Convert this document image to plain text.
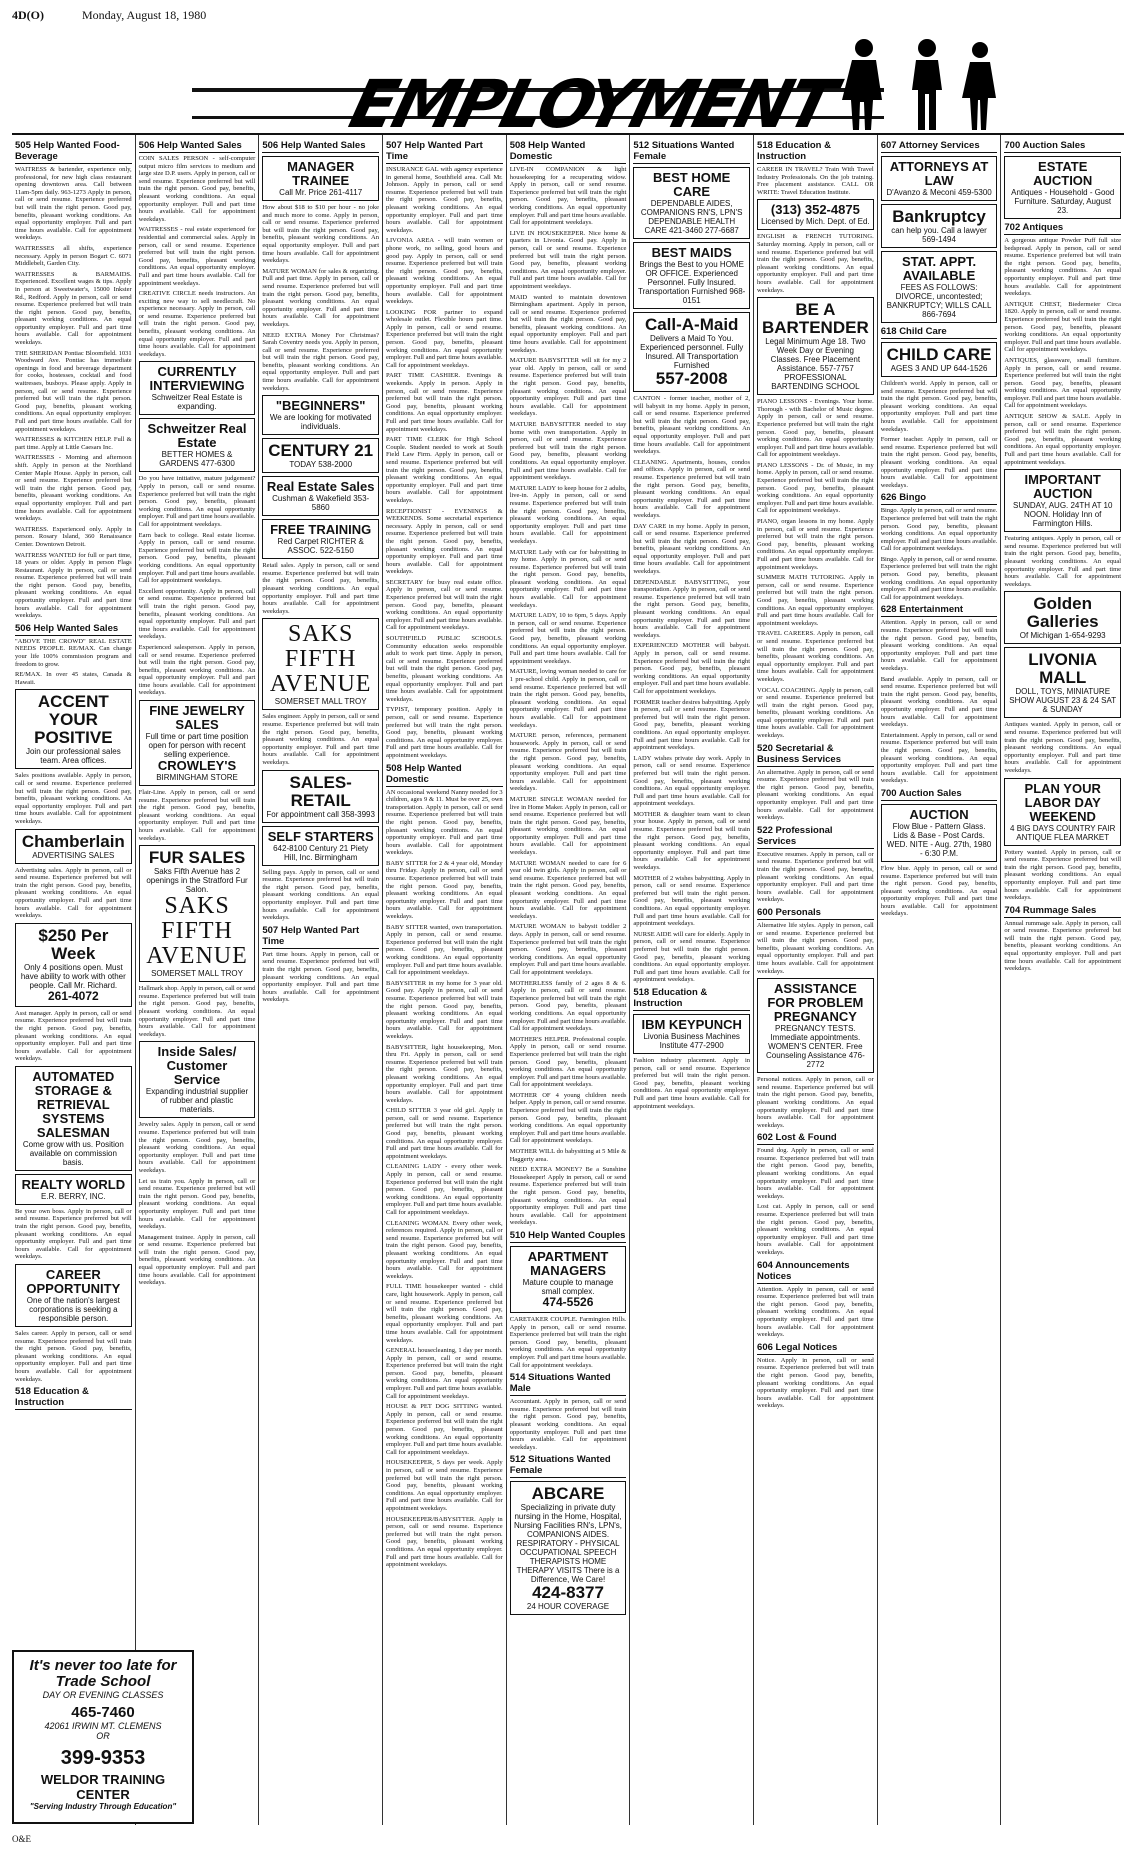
4D(O)	Monday, August 18, 1980
EMPLOYMENT
505 Help Wanted Food-Beverage
WAITRESS & bartender, experience only, professional, for new high class restaurant opening downtown area. Call between 11am-5pm daily. 963-1273 Apply in person, call or send resume. Experience preferred but will train the right person. Good pay, benefits, pleasant working conditions. An equal opportunity employer. Full and part time hours available. Call for appointment weekdays.
WAITRESSES all shifts, experience necessary. Apply in person Bogart C. 6071 Middlebelt, Garden City.
WAITRESSES & BARMAIDS. Experienced. Excellent wages & tips. Apply in person at Sweetwater's, 15000 Inkster Rd., Redford. Apply in person, call or send resume. Experience preferred but will train the right person. Good pay, benefits, pleasant working conditions. An equal opportunity employer. Full and part time hours available. Call for appointment weekdays.
THE SHERIDAN Pontiac Bloomfield. 1031 Woodward Ave. Pontiac has immediate openings in food and beverage department for cooks, hostesses, cocktail and food waitresses, busboys. Please apply. Apply in person, call or send resume. Experience preferred but will train the right person. Good pay, benefits, pleasant working conditions. An equal opportunity employer. Full and part time hours available. Call for appointment weekdays.
WAITRESSES & KITCHEN HELP. Full & part time. Apply at Little Caesars Inc.
WAITRESSES - Morning and afternoon shift. Apply in person at the Northland Center Maple House. Apply in person, call or send resume. Experience preferred but will train the right person. Good pay, benefits, pleasant working conditions. An equal opportunity employer. Full and part time hours available. Call for appointment weekdays.
WAITRESS. Experienced only. Apply in person. Rosary Island, 360 Renaissance Center. Downtown Detroit.
WAITRESS WANTED for full or part time, 18 years or older. Apply in person Flags Restaurant. Apply in person, call or send resume. Experience preferred but will train the right person. Good pay, benefits, pleasant working conditions. An equal opportunity employer. Full and part time hours available. Call for appointment weekdays.
506 Help Wanted Sales
"ABOVE THE CROWD" REAL ESTATE NEEDS PEOPLE. RE/MAX. Can change your life 100% commission program and freedom to grow.
RE/MAX. In over 45 states, Canada & Hawaii.
ACCENT YOUR POSITIVE
Join our professional sales team. Area offices.
Sales positions available. Apply in person, call or send resume. Experience preferred but will train the right person. Good pay, benefits, pleasant working conditions. An equal opportunity employer. Full and part time hours available. Call for appointment weekdays.
Chamberlain
ADVERTISING SALES
Advertising sales. Apply in person, call or send resume. Experience preferred but will train the right person. Good pay, benefits, pleasant working conditions. An equal opportunity employer. Full and part time hours available. Call for appointment weekdays.
$250 Per Week
Only 4 positions open. Must have ability to work with other people. Call Mr. Richard.
261-4072
Asst manager. Apply in person, call or send resume. Experience preferred but will train the right person. Good pay, benefits, pleasant working conditions. An equal opportunity employer. Full and part time hours available. Call for appointment weekdays.
AUTOMATED STORAGE & RETRIEVAL SYSTEMS SALESMAN
Come grow with us. Position available on commission basis.
REALTY WORLD
E.R. BERRY, INC.
Be your own boss. Apply in person, call or send resume. Experience preferred but will train the right person. Good pay, benefits, pleasant working conditions. An equal opportunity employer. Full and part time hours available. Call for appointment weekdays.
CAREER OPPORTUNITY
One of the nation's largest corporations is seeking a responsible person.
Sales career. Apply in person, call or send resume. Experience preferred but will train the right person. Good pay, benefits, pleasant working conditions. An equal opportunity employer. Full and part time hours available. Call for appointment weekdays.
518 Education & Instruction
506 Help Wanted Sales
COIN SALES PERSON - self-computer output micro film services to medium and large size D.P. users. Apply in person, call or send resume. Experience preferred but will train the right person. Good pay, benefits, pleasant working conditions. An equal opportunity employer. Full and part time hours available. Call for appointment weekdays.
WAITRESSES - real estate experienced for residential and commercial sales. Apply in person, call or send resume. Experience preferred but will train the right person. Good pay, benefits, pleasant working conditions. An equal opportunity employer. Full and part time hours available. Call for appointment weekdays.
CREATIVE CIRCLE needs instructors. An exciting new way to sell needlecraft. No experience necessary. Apply in person, call or send resume. Experience preferred but will train the right person. Good pay, benefits, pleasant working conditions. An equal opportunity employer. Full and part time hours available. Call for appointment weekdays.
CURRENTLY INTERVIEWING
Schweitzer Real Estate is expanding.
Schweitzer Real Estate
BETTER HOMES & GARDENS 477-6300
Do you have initiative, mature judgement? Apply in person, call or send resume. Experience preferred but will train the right person. Good pay, benefits, pleasant working conditions. An equal opportunity employer. Full and part time hours available. Call for appointment weekdays.
Earn back to college. Real estate license. Apply in person, call or send resume. Experience preferred but will train the right person. Good pay, benefits, pleasant working conditions. An equal opportunity employer. Full and part time hours available. Call for appointment weekdays.
Excellent opportunity. Apply in person, call or send resume. Experience preferred but will train the right person. Good pay, benefits, pleasant working conditions. An equal opportunity employer. Full and part time hours available. Call for appointment weekdays.
Experienced salesperson. Apply in person, call or send resume. Experience preferred but will train the right person. Good pay, benefits, pleasant working conditions. An equal opportunity employer. Full and part time hours available. Call for appointment weekdays.
FINE JEWELRY SALES
Full time or part time position open for person with recent selling experience.
CROWLEY'S
BIRMINGHAM STORE
Flair-Line. Apply in person, call or send resume. Experience preferred but will train the right person. Good pay, benefits, pleasant working conditions. An equal opportunity employer. Full and part time hours available. Call for appointment weekdays.
FUR SALES
Saks Fifth Avenue has 2 openings in the Stratford Fur Salon.
SAKS FIFTH AVENUE
SOMERSET MALL TROY
Hallmark shop. Apply in person, call or send resume. Experience preferred but will train the right person. Good pay, benefits, pleasant working conditions. An equal opportunity employer. Full and part time hours available. Call for appointment weekdays.
Inside Sales/ Customer Service
Expanding industrial supplier of rubber and plastic materials.
Jewelry sales. Apply in person, call or send resume. Experience preferred but will train the right person. Good pay, benefits, pleasant working conditions. An equal opportunity employer. Full and part time hours available. Call for appointment weekdays.
Let us train you. Apply in person, call or send resume. Experience preferred but will train the right person. Good pay, benefits, pleasant working conditions. An equal opportunity employer. Full and part time hours available. Call for appointment weekdays.
Management trainee. Apply in person, call or send resume. Experience preferred but will train the right person. Good pay, benefits, pleasant working conditions. An equal opportunity employer. Full and part time hours available. Call for appointment weekdays.
506 Help Wanted Sales
MANAGER TRAINEE
Call Mr. Price 261-4117
How about $18 to $10 per hour - no joke and much more to come. Apply in person, call or send resume. Experience preferred but will train the right person. Good pay, benefits, pleasant working conditions. An equal opportunity employer. Full and part time hours available. Call for appointment weekdays.
MATURE WOMAN for sales & organizing. Full and part time. Apply in person, call or send resume. Experience preferred but will train the right person. Good pay, benefits, pleasant working conditions. An equal opportunity employer. Full and part time hours available. Call for appointment weekdays.
NEED EXTRA Money For Christmas? Sarah Coventry needs you. Apply in person, call or send resume. Experience preferred but will train the right person. Good pay, benefits, pleasant working conditions. An equal opportunity employer. Full and part time hours available. Call for appointment weekdays.
"BEGINNERS"
We are looking for motivated individuals.
CENTURY 21
TODAY 538-2000
Real Estate Sales
Cushman & Wakefield 353-5860
FREE TRAINING
Red Carpet RICHTER & ASSOC. 522-5150
Retail sales. Apply in person, call or send resume. Experience preferred but will train the right person. Good pay, benefits, pleasant working conditions. An equal opportunity employer. Full and part time hours available. Call for appointment weekdays.
SAKS FIFTH AVENUE
SOMERSET MALL TROY
Sales engineer. Apply in person, call or send resume. Experience preferred but will train the right person. Good pay, benefits, pleasant working conditions. An equal opportunity employer. Full and part time hours available. Call for appointment weekdays.
SALES-RETAIL
For appointment call 358-3993
SELF STARTERS
642-8100 Century 21 Piety Hill, Inc. Birmingham
Selling pays. Apply in person, call or send resume. Experience preferred but will train the right person. Good pay, benefits, pleasant working conditions. An equal opportunity employer. Full and part time hours available. Call for appointment weekdays.
507 Help Wanted Part Time
Part time hours. Apply in person, call or send resume. Experience preferred but will train the right person. Good pay, benefits, pleasant working conditions. An equal opportunity employer. Full and part time hours available. Call for appointment weekdays.
507 Help Wanted Part Time
INSURANCE GAL with agency experience in general home, Southfield area. Call Mr. Johnson. Apply in person, call or send resume. Experience preferred but will train the right person. Good pay, benefits, pleasant working conditions. An equal opportunity employer. Full and part time hours available. Call for appointment weekdays.
LIVONIA AREA - will train women or phone work, no selling, good hours and good pay. Apply in person, call or send resume. Experience preferred but will train the right person. Good pay, benefits, pleasant working conditions. An equal opportunity employer. Full and part time hours available. Call for appointment weekdays.
LOOKING FOR partner to expand wholesale outlet. Flexible hours part time. Apply in person, call or send resume. Experience preferred but will train the right person. Good pay, benefits, pleasant working conditions. An equal opportunity employer. Full and part time hours available. Call for appointment weekdays.
PART TIME CASHIER. Evenings & weekends. Apply in person. Apply in person, call or send resume. Experience preferred but will train the right person. Good pay, benefits, pleasant working conditions. An equal opportunity employer. Full and part time hours available. Call for appointment weekdays.
PART TIME CLERK for High School Couple. Student needed to work at South Field Law Firm. Apply in person, call or send resume. Experience preferred but will train the right person. Good pay, benefits, pleasant working conditions. An equal opportunity employer. Full and part time hours available. Call for appointment weekdays.
RECEPTIONIST - EVENINGS & WEEKENDS. Some secretarial experience necessary. Apply in person, call or send resume. Experience preferred but will train the right person. Good pay, benefits, pleasant working conditions. An equal opportunity employer. Full and part time hours available. Call for appointment weekdays.
SECRETARY for busy real estate office. Apply in person, call or send resume. Experience preferred but will train the right person. Good pay, benefits, pleasant working conditions. An equal opportunity employer. Full and part time hours available. Call for appointment weekdays.
SOUTHFIELD PUBLIC SCHOOLS. Community education seeks responsible adult to work part time. Apply in person, call or send resume. Experience preferred but will train the right person. Good pay, benefits, pleasant working conditions. An equal opportunity employer. Full and part time hours available. Call for appointment weekdays.
TYPIST, temporary position. Apply in person, call or send resume. Experience preferred but will train the right person. Good pay, benefits, pleasant working conditions. An equal opportunity employer. Full and part time hours available. Call for appointment weekdays.
508 Help Wanted Domestic
AN occasional weekend Nanny needed for 3 children, ages 9 & 11. Must be over 25, own transportation. Apply in person, call or send resume. Experience preferred but will train the right person. Good pay, benefits, pleasant working conditions. An equal opportunity employer. Full and part time hours available. Call for appointment weekdays.
BABY SITTER for 2 & 4 year old, Monday thru Friday. Apply in person, call or send resume. Experience preferred but will train the right person. Good pay, benefits, pleasant working conditions. An equal opportunity employer. Full and part time hours available. Call for appointment weekdays.
BABY SITTER wanted, own transportation. Apply in person, call or send resume. Experience preferred but will train the right person. Good pay, benefits, pleasant working conditions. An equal opportunity employer. Full and part time hours available. Call for appointment weekdays.
BABYSITTER in my home for 3 year old. Good pay. Apply in person, call or send resume. Experience preferred but will train the right person. Good pay, benefits, pleasant working conditions. An equal opportunity employer. Full and part time hours available. Call for appointment weekdays.
BABYSITTER, light housekeeping, Mon. thru Fri. Apply in person, call or send resume. Experience preferred but will train the right person. Good pay, benefits, pleasant working conditions. An equal opportunity employer. Full and part time hours available. Call for appointment weekdays.
CHILD SITTER 3 year old girl. Apply in person, call or send resume. Experience preferred but will train the right person. Good pay, benefits, pleasant working conditions. An equal opportunity employer. Full and part time hours available. Call for appointment weekdays.
CLEANING LADY - every other week. Apply in person, call or send resume. Experience preferred but will train the right person. Good pay, benefits, pleasant working conditions. An equal opportunity employer. Full and part time hours available. Call for appointment weekdays.
CLEANING WOMAN. Every other week, references required. Apply in person, call or send resume. Experience preferred but will train the right person. Good pay, benefits, pleasant working conditions. An equal opportunity employer. Full and part time hours available. Call for appointment weekdays.
FULL TIME housekeeper wanted - child care, light housework. Apply in person, call or send resume. Experience preferred but will train the right person. Good pay, benefits, pleasant working conditions. An equal opportunity employer. Full and part time hours available. Call for appointment weekdays.
GENERAL housecleaning, 1 day per month. Apply in person, call or send resume. Experience preferred but will train the right person. Good pay, benefits, pleasant working conditions. An equal opportunity employer. Full and part time hours available. Call for appointment weekdays.
HOUSE & PET DOG SITTING wanted. Apply in person, call or send resume. Experience preferred but will train the right person. Good pay, benefits, pleasant working conditions. An equal opportunity employer. Full and part time hours available. Call for appointment weekdays.
HOUSEKEEPER, 5 days per week. Apply in person, call or send resume. Experience preferred but will train the right person. Good pay, benefits, pleasant working conditions. An equal opportunity employer. Full and part time hours available. Call for appointment weekdays.
HOUSEKEEPER/BABYSITTER. Apply in person, call or send resume. Experience preferred but will train the right person. Good pay, benefits, pleasant working conditions. An equal opportunity employer. Full and part time hours available. Call for appointment weekdays.
508 Help Wanted Domestic
LIVE-IN COMPANION & light housekeeping for a recuperating widow. Apply in person, call or send resume. Experience preferred but will train the right person. Good pay, benefits, pleasant working conditions. An equal opportunity employer. Full and part time hours available. Call for appointment weekdays.
LIVE IN HOUSEKEEPER. Nice home & quarters in Livonia. Good pay. Apply in person, call or send resume. Experience preferred but will train the right person. Good pay, benefits, pleasant working conditions. An equal opportunity employer. Full and part time hours available. Call for appointment weekdays.
MAID wanted to maintain downtown Birmingham apartment. Apply in person, call or send resume. Experience preferred but will train the right person. Good pay, benefits, pleasant working conditions. An equal opportunity employer. Full and part time hours available. Call for appointment weekdays.
MATURE BABYSITTER will sit for my 2 year old. Apply in person, call or send resume. Experience preferred but will train the right person. Good pay, benefits, pleasant working conditions. An equal opportunity employer. Full and part time hours available. Call for appointment weekdays.
MATURE BABYSITTER needed to stay home with own transportation. Apply in person, call or send resume. Experience preferred but will train the right person. Good pay, benefits, pleasant working conditions. An equal opportunity employer. Full and part time hours available. Call for appointment weekdays.
MATURE LADY to keep house for 2 adults, live-in. Apply in person, call or send resume. Experience preferred but will train the right person. Good pay, benefits, pleasant working conditions. An equal opportunity employer. Full and part time hours available. Call for appointment weekdays.
MATURE Lady with car for babysitting in my home. Apply in person, call or send resume. Experience preferred but will train the right person. Good pay, benefits, pleasant working conditions. An equal opportunity employer. Full and part time hours available. Call for appointment weekdays.
MATURE LADY, 10 to 6pm, 5 days. Apply in person, call or send resume. Experience preferred but will train the right person. Good pay, benefits, pleasant working conditions. An equal opportunity employer. Full and part time hours available. Call for appointment weekdays.
MATURE, loving woman needed to care for 1 pre-school child. Apply in person, call or send resume. Experience preferred but will train the right person. Good pay, benefits, pleasant working conditions. An equal opportunity employer. Full and part time hours available. Call for appointment weekdays.
MATURE person, references, permanent housework. Apply in person, call or send resume. Experience preferred but will train the right person. Good pay, benefits, pleasant working conditions. An equal opportunity employer. Full and part time hours available. Call for appointment weekdays.
MATURE SINGLE WOMAN needed for live in Home Maker. Apply in person, call or send resume. Experience preferred but will train the right person. Good pay, benefits, pleasant working conditions. An equal opportunity employer. Full and part time hours available. Call for appointment weekdays.
MATURE WOMAN needed to care for 6 year old twin girls. Apply in person, call or send resume. Experience preferred but will train the right person. Good pay, benefits, pleasant working conditions. An equal opportunity employer. Full and part time hours available. Call for appointment weekdays.
MATURE WOMAN to babysit toddler 2 days. Apply in person, call or send resume. Experience preferred but will train the right person. Good pay, benefits, pleasant working conditions. An equal opportunity employer. Full and part time hours available. Call for appointment weekdays.
MOTHERLESS family of 2 ages 8 & 6. Apply in person, call or send resume. Experience preferred but will train the right person. Good pay, benefits, pleasant working conditions. An equal opportunity employer. Full and part time hours available. Call for appointment weekdays.
MOTHER'S HELPER. Professional couple. Apply in person, call or send resume. Experience preferred but will train the right person. Good pay, benefits, pleasant working conditions. An equal opportunity employer. Full and part time hours available. Call for appointment weekdays.
MOTHER OF 4 young children needs helper. Apply in person, call or send resume. Experience preferred but will train the right person. Good pay, benefits, pleasant working conditions. An equal opportunity employer. Full and part time hours available. Call for appointment weekdays.
MOTHER WILL do babysitting at 5 Mile & Haggerty area.
NEED EXTRA MONEY? Be a Sunshine Housekeeper! Apply in person, call or send resume. Experience preferred but will train the right person. Good pay, benefits, pleasant working conditions. An equal opportunity employer. Full and part time hours available. Call for appointment weekdays.
510 Help Wanted Couples
APARTMENT MANAGERS
Mature couple to manage small complex.
474-5526
CARETAKER COUPLE. Farmington Hills. Apply in person, call or send resume. Experience preferred but will train the right person. Good pay, benefits, pleasant working conditions. An equal opportunity employer. Full and part time hours available. Call for appointment weekdays.
514 Situations Wanted Male
Accountant. Apply in person, call or send resume. Experience preferred but will train the right person. Good pay, benefits, pleasant working conditions. An equal opportunity employer. Full and part time hours available. Call for appointment weekdays.
512 Situations Wanted Female
ABCARE
Specializing in private duty nursing in the Home, Hospital, Nursing Facilities RN's, LPN's, COMPANIONS AIDES. RESPIRATORY - PHYSICAL OCCUPATIONAL SPEECH THERAPISTS HOME THERAPY VISITS There is a Difference, We Care!
424-8377
24 HOUR COVERAGE
512 Situations Wanted Female
BEST HOME CARE
DEPENDABLE AIDES, COMPANIONS RN'S, LPN'S DEPENDABLE HEALTH CARE 421-3460 277-6687
BEST MAIDS
Brings the Best to you HOME OR OFFICE. Experienced Personnel. Fully Insured. Transportation Furnished 968-0151
Call-A-Maid
Delivers a Maid To You. Experienced personnel. Fully Insured. All Transportation Furnished
557-2008
CANTON - former teacher, mother of 2, will babysit in my home. Apply in person, call or send resume. Experience preferred but will train the right person. Good pay, benefits, pleasant working conditions. An equal opportunity employer. Full and part time hours available. Call for appointment weekdays.
CLEANING. Apartments, houses, condos and offices. Apply in person, call or send resume. Experience preferred but will train the right person. Good pay, benefits, pleasant working conditions. An equal opportunity employer. Full and part time hours available. Call for appointment weekdays.
DAY CARE in my home. Apply in person, call or send resume. Experience preferred but will train the right person. Good pay, benefits, pleasant working conditions. An equal opportunity employer. Full and part time hours available. Call for appointment weekdays.
DEPENDABLE BABYSITTING, your transportation. Apply in person, call or send resume. Experience preferred but will train the right person. Good pay, benefits, pleasant working conditions. An equal opportunity employer. Full and part time hours available. Call for appointment weekdays.
EXPERIENCED MOTHER will babysit. Apply in person, call or send resume. Experience preferred but will train the right person. Good pay, benefits, pleasant working conditions. An equal opportunity employer. Full and part time hours available. Call for appointment weekdays.
FORMER teacher desires babysitting. Apply in person, call or send resume. Experience preferred but will train the right person. Good pay, benefits, pleasant working conditions. An equal opportunity employer. Full and part time hours available. Call for appointment weekdays.
LADY wishes private day work. Apply in person, call or send resume. Experience preferred but will train the right person. Good pay, benefits, pleasant working conditions. An equal opportunity employer. Full and part time hours available. Call for appointment weekdays.
MOTHER & daughter team want to clean your house. Apply in person, call or send resume. Experience preferred but will train the right person. Good pay, benefits, pleasant working conditions. An equal opportunity employer. Full and part time hours available. Call for appointment weekdays.
MOTHER of 2 wishes babysitting. Apply in person, call or send resume. Experience preferred but will train the right person. Good pay, benefits, pleasant working conditions. An equal opportunity employer. Full and part time hours available. Call for appointment weekdays.
NURSE AIDE will care for elderly. Apply in person, call or send resume. Experience preferred but will train the right person. Good pay, benefits, pleasant working conditions. An equal opportunity employer. Full and part time hours available. Call for appointment weekdays.
518 Education & Instruction
IBM KEYPUNCH
Livonia Business Machines Institute 477-2900
Fashion industry placement. Apply in person, call or send resume. Experience preferred but will train the right person. Good pay, benefits, pleasant working conditions. An equal opportunity employer. Full and part time hours available. Call for appointment weekdays.
518 Education & Instruction
CAREER IN TRAVEL? Train With Travel Industry Professionals. On the job training. Free placement assistance. CALL OR WRITE: Travel Education Institute.
(313) 352-4875
Licensed by Mich. Dept. of Ed.
ENGLISH & FRENCH TUTORING. Saturday morning. Apply in person, call or send resume. Experience preferred but will train the right person. Good pay, benefits, pleasant working conditions. An equal opportunity employer. Full and part time hours available. Call for appointment weekdays.
BE A BARTENDER
Legal Minimum Age 18. Two Week Day or Evening Classes. Free Placement Assistance. 557-7757 PROFESSIONAL BARTENDING SCHOOL
PIANO LESSONS - Evenings. Your home. Thorough - with Bachelor of Music degree. Apply in person, call or send resume. Experience preferred but will train the right person. Good pay, benefits, pleasant working conditions. An equal opportunity employer. Full and part time hours available. Call for appointment weekdays.
PIANO LESSONS - Dr. of Music, in my home. Apply in person, call or send resume. Experience preferred but will train the right person. Good pay, benefits, pleasant working conditions. An equal opportunity employer. Full and part time hours available. Call for appointment weekdays.
PIANO, organ lessons in my home. Apply in person, call or send resume. Experience preferred but will train the right person. Good pay, benefits, pleasant working conditions. An equal opportunity employer. Full and part time hours available. Call for appointment weekdays.
SUMMER MATH TUTORING. Apply in person, call or send resume. Experience preferred but will train the right person. Good pay, benefits, pleasant working conditions. An equal opportunity employer. Full and part time hours available. Call for appointment weekdays.
TRAVEL CAREERS. Apply in person, call or send resume. Experience preferred but will train the right person. Good pay, benefits, pleasant working conditions. An equal opportunity employer. Full and part time hours available. Call for appointment weekdays.
VOCAL COACHING. Apply in person, call or send resume. Experience preferred but will train the right person. Good pay, benefits, pleasant working conditions. An equal opportunity employer. Full and part time hours available. Call for appointment weekdays.
520 Secretarial & Business Services
An alternative. Apply in person, call or send resume. Experience preferred but will train the right person. Good pay, benefits, pleasant working conditions. An equal opportunity employer. Full and part time hours available. Call for appointment weekdays.
522 Professional Services
Executive resumes. Apply in person, call or send resume. Experience preferred but will train the right person. Good pay, benefits, pleasant working conditions. An equal opportunity employer. Full and part time hours available. Call for appointment weekdays.
600 Personals
Alternative life styles. Apply in person, call or send resume. Experience preferred but will train the right person. Good pay, benefits, pleasant working conditions. An equal opportunity employer. Full and part time hours available. Call for appointment weekdays.
ASSISTANCE FOR PROBLEM PREGNANCY
PREGNANCY TESTS. Immediate appointments. WOMEN'S CENTER. Free Counseling Assistance 476-2772
Personal notices. Apply in person, call or send resume. Experience preferred but will train the right person. Good pay, benefits, pleasant working conditions. An equal opportunity employer. Full and part time hours available. Call for appointment weekdays.
602 Lost & Found
Found dog. Apply in person, call or send resume. Experience preferred but will train the right person. Good pay, benefits, pleasant working conditions. An equal opportunity employer. Full and part time hours available. Call for appointment weekdays.
Lost cat. Apply in person, call or send resume. Experience preferred but will train the right person. Good pay, benefits, pleasant working conditions. An equal opportunity employer. Full and part time hours available. Call for appointment weekdays.
604 Announcements Notices
Attention. Apply in person, call or send resume. Experience preferred but will train the right person. Good pay, benefits, pleasant working conditions. An equal opportunity employer. Full and part time hours available. Call for appointment weekdays.
606 Legal Notices
Notice. Apply in person, call or send resume. Experience preferred but will train the right person. Good pay, benefits, pleasant working conditions. An equal opportunity employer. Full and part time hours available. Call for appointment weekdays.
607 Attorney Services
ATTORNEYS AT LAW
D'Avanzo & Meconi 459-5300
Bankruptcy
can help you. Call a lawyer 569-1494
STAT. APPT. AVAILABLE
FEES AS FOLLOWS: DIVORCE, uncontested; BANKRUPTCY; WILLS CALL 866-7694
618 Child Care
CHILD CARE
AGES 3 AND UP 644-1526
Children's world. Apply in person, call or send resume. Experience preferred but will train the right person. Good pay, benefits, pleasant working conditions. An equal opportunity employer. Full and part time hours available. Call for appointment weekdays.
Former teacher. Apply in person, call or send resume. Experience preferred but will train the right person. Good pay, benefits, pleasant working conditions. An equal opportunity employer. Full and part time hours available. Call for appointment weekdays.
626 Bingo
Bingo. Apply in person, call or send resume. Experience preferred but will train the right person. Good pay, benefits, pleasant working conditions. An equal opportunity employer. Full and part time hours available. Call for appointment weekdays.
Bingo. Apply in person, call or send resume. Experience preferred but will train the right person. Good pay, benefits, pleasant working conditions. An equal opportunity employer. Full and part time hours available. Call for appointment weekdays.
628 Entertainment
Attention. Apply in person, call or send resume. Experience preferred but will train the right person. Good pay, benefits, pleasant working conditions. An equal opportunity employer. Full and part time hours available. Call for appointment weekdays.
Band available. Apply in person, call or send resume. Experience preferred but will train the right person. Good pay, benefits, pleasant working conditions. An equal opportunity employer. Full and part time hours available. Call for appointment weekdays.
Entertainment. Apply in person, call or send resume. Experience preferred but will train the right person. Good pay, benefits, pleasant working conditions. An equal opportunity employer. Full and part time hours available. Call for appointment weekdays.
700 Auction Sales
AUCTION
Flow Blue - Pattern Glass. Lids & Base - Post Cards. WED. NITE - Aug. 27th, 1980 - 6:30 P.M.
Flow blue. Apply in person, call or send resume. Experience preferred but will train the right person. Good pay, benefits, pleasant working conditions. An equal opportunity employer. Full and part time hours available. Call for appointment weekdays.
700 Auction Sales
ESTATE AUCTION
Antiques - Household - Good Furniture. Saturday, August 23.
702 Antiques
A gorgeous antique Powder Puff full size bedspread. Apply in person, call or send resume. Experience preferred but will train the right person. Good pay, benefits, pleasant working conditions. An equal opportunity employer. Full and part time hours available. Call for appointment weekdays.
ANTIQUE CHEST, Biedermeier Circa 1820. Apply in person, call or send resume. Experience preferred but will train the right person. Good pay, benefits, pleasant working conditions. An equal opportunity employer. Full and part time hours available. Call for appointment weekdays.
ANTIQUES, glassware, small furniture. Apply in person, call or send resume. Experience preferred but will train the right person. Good pay, benefits, pleasant working conditions. An equal opportunity employer. Full and part time hours available. Call for appointment weekdays.
ANTIQUE SHOW & SALE. Apply in person, call or send resume. Experience preferred but will train the right person. Good pay, benefits, pleasant working conditions. An equal opportunity employer. Full and part time hours available. Call for appointment weekdays.
IMPORTANT AUCTION
SUNDAY, AUG. 24TH AT 10 NOON. Holiday Inn of Farmington Hills.
Featuring antiques. Apply in person, call or send resume. Experience preferred but will train the right person. Good pay, benefits, pleasant working conditions. An equal opportunity employer. Full and part time hours available. Call for appointment weekdays.
Golden Galleries
Of Michigan 1-654-9293
LIVONIA MALL
DOLL, TOYS, MINIATURE SHOW AUGUST 23 & 24 SAT & SUNDAY
Antiques wanted. Apply in person, call or send resume. Experience preferred but will train the right person. Good pay, benefits, pleasant working conditions. An equal opportunity employer. Full and part time hours available. Call for appointment weekdays.
PLAN YOUR LABOR DAY WEEKEND
4 BIG DAYS COUNTRY FAIR ANTIQUE FLEA MARKET
Pottery wanted. Apply in person, call or send resume. Experience preferred but will train the right person. Good pay, benefits, pleasant working conditions. An equal opportunity employer. Full and part time hours available. Call for appointment weekdays.
704 Rummage Sales
Annual rummage sale. Apply in person, call or send resume. Experience preferred but will train the right person. Good pay, benefits, pleasant working conditions. An equal opportunity employer. Full and part time hours available. Call for appointment weekdays.
It's never too late for Trade School
DAY OR EVENING CLASSES
465-7460
42061 IRWIN MT. CLEMENS
OR
399-9353
WELDOR TRAINING CENTER
"Serving Industry Through Education"
O&E
